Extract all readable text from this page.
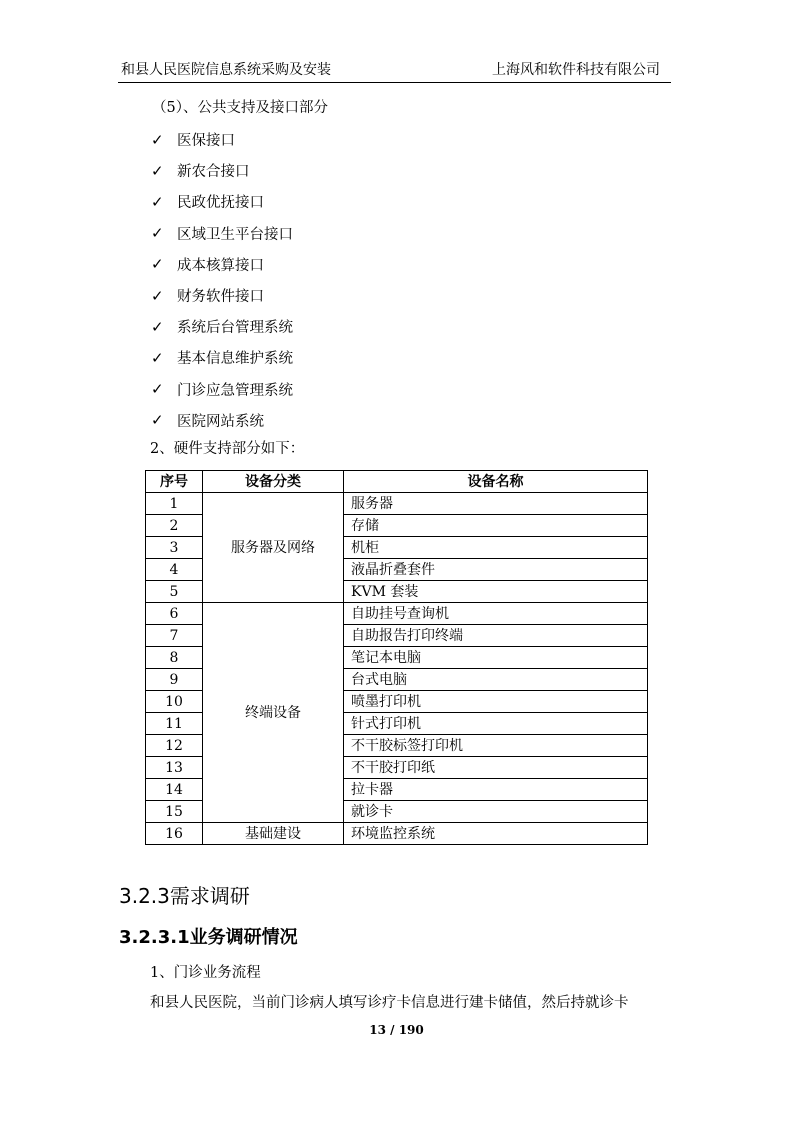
和县人民医院信息系统采购及安装	上海风和软件科技有限公司
（5）、公共支持及接口部分
✓ 医保接口
✓ 新农合接口
✓ 民政优抚接口
✓ 区域卫生平台接口
✓ 成本核算接口
✓ 财务软件接口
✓ 系统后台管理系统
✓ 基本信息维护系统
✓ 门诊应急管理系统
✓ 医院网站系统
2、硬件支持部分如下：
序号	设备分类	设备名称
1	服务器及网络	服务器
2		存储
3		机柜
4		液晶折叠套件
5		KVM 套装
6	终端设备	自助挂号查询机
7		自助报告打印终端
8		笔记本电脑
9		台式电脑
10		喷墨打印机
11		针式打印机
12		不干胶标签打印机
13		不干胶打印纸
14		拉卡器
15		就诊卡
16	基础建设	环境监控系统
3.2.3需求调研
3.2.3.1业务调研情况
1、门诊业务流程
和县人民医院，当前门诊病人填写诊疗卡信息进行建卡储值，然后持就诊卡
13 / 190
